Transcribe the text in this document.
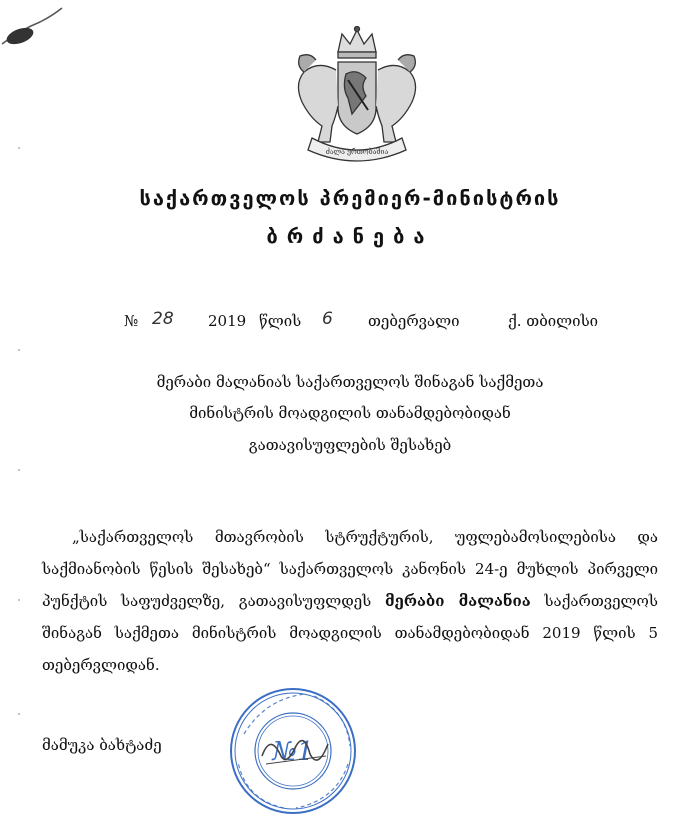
ძალა ერთობაშია
საქართველოს პრემიერ-მინისტრის
ბრძანება
№ 28 2019 წლის 6 თებერვალი	ქ. თბილისი
მერაბი მალანიას საქართველოს შინაგან საქმეთა
მინისტრის მოადგილის თანამდებობიდან
გათავისუფლების შესახებ
„საქართველოს მთავრობის სტრუქტურის, უფლებამოსილებისა და საქმიანობის წესის შესახებ“ საქართველოს კანონის 24-ე მუხლის პირველი პუნქტის საფუძველზე, გათავისუფლდეს მერაბი მალანია საქართველოს შინაგან საქმეთა მინისტრის მოადგილის თანამდებობიდან 2019 წლის 5 თებერვლიდან.
მამუკა ბახტაძე	№1
